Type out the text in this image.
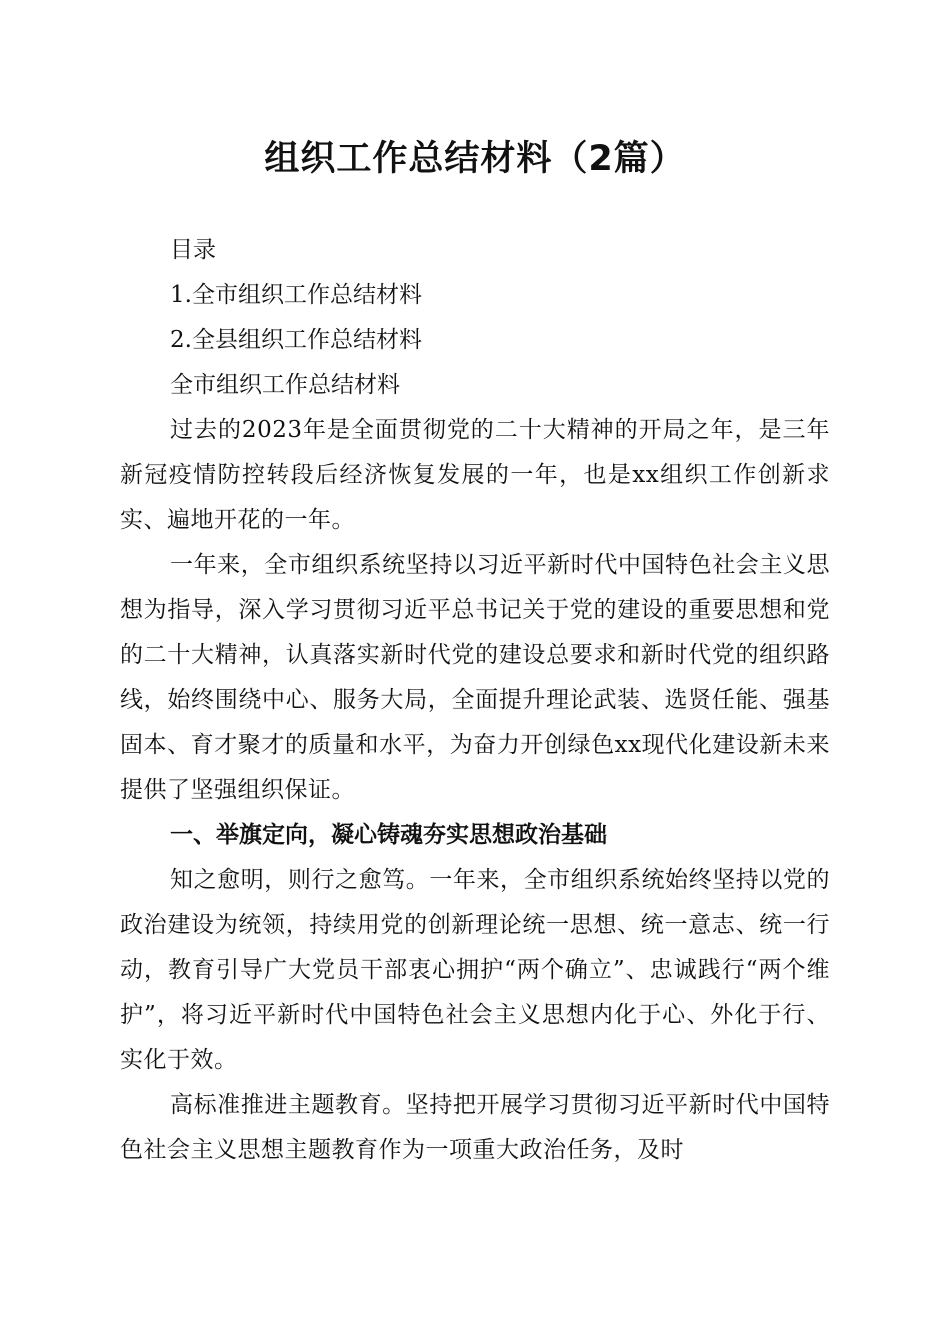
组织工作总结材料（2篇）

目录

1.全市组织工作总结材料

2.全县组织工作总结材料

全市组织工作总结材料

过去的2023年是全面贯彻党的二十大精神的开局之年，是三年新冠疫情防控转段后经济恢复发展的一年，也是xx组织工作创新求实、遍地开花的一年。

一年来，全市组织系统坚持以习近平新时代中国特色社会主义思想为指导，深入学习贯彻习近平总书记关于党的建设的重要思想和党的二十大精神，认真落实新时代党的建设总要求和新时代党的组织路线，始终围绕中心、服务大局，全面提升理论武装、选贤任能、强基固本、育才聚才的质量和水平，为奋力开创绿色xx现代化建设新未来提供了坚强组织保证。

一、举旗定向，凝心铸魂夯实思想政治基础

知之愈明，则行之愈笃。一年来，全市组织系统始终坚持以党的政治建设为统领，持续用党的创新理论统一思想、统一意志、统一行动，教育引导广大党员干部衷心拥护“两个确立”、忠诚践行“两个维护”，将习近平新时代中国特色社会主义思想内化于心、外化于行、实化于效。

高标准推进主题教育。坚持把开展学习贯彻习近平新时代中国特色社会主义思想主题教育作为一项重大政治任务，及时
